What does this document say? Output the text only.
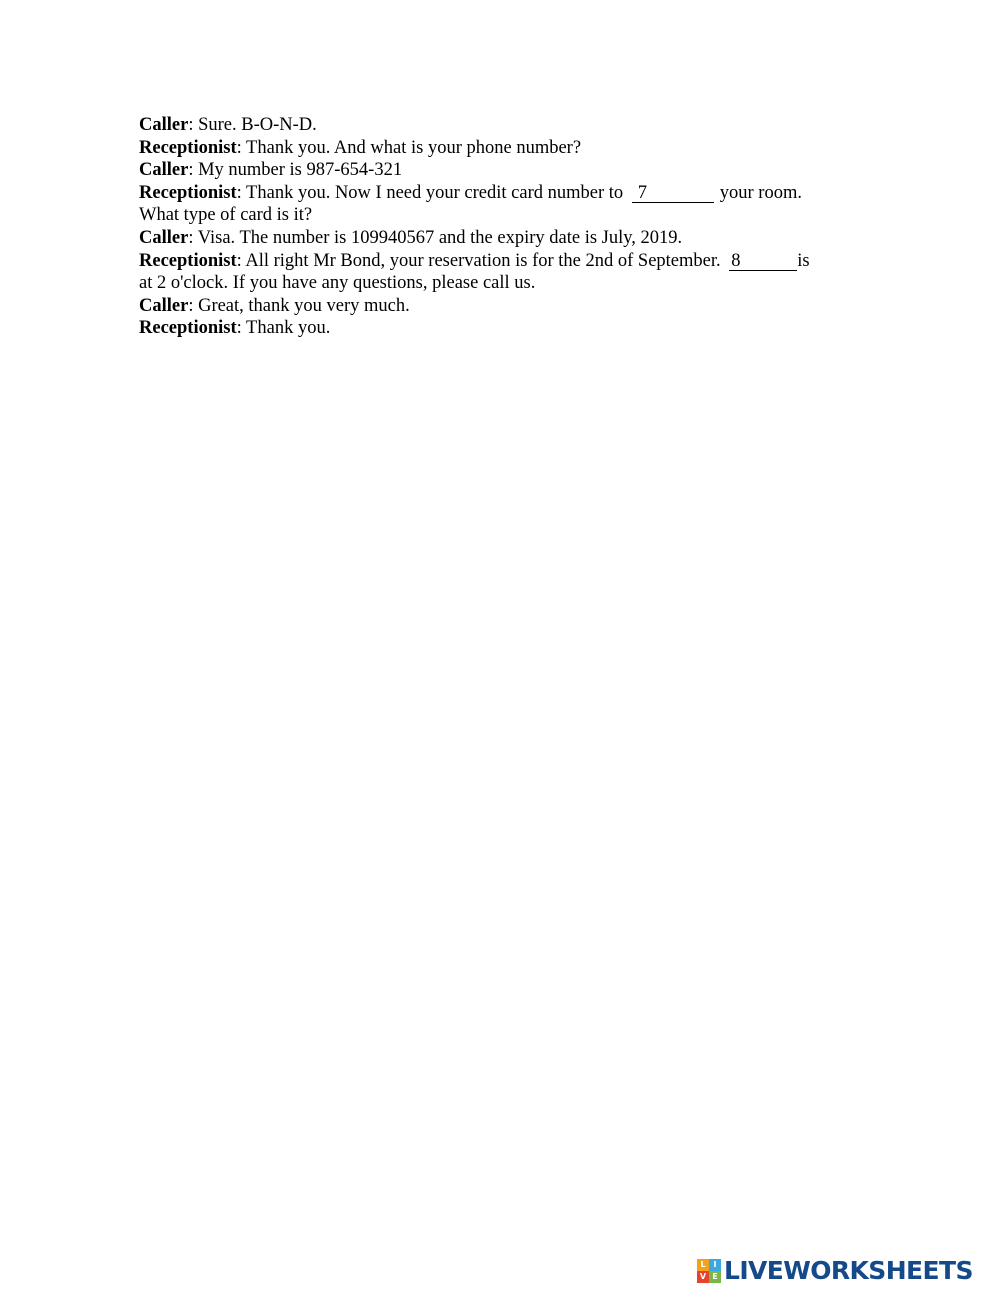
Caller: Sure. B-O-N-D.

Receptionist: Thank you. And what is your phone number?

Caller: My number is 987-654-321

Receptionist: Thank you. Now I need your credit card number to 7	your room.

What type of card is it?

Caller: Visa. The number is 109940567 and the expiry date is July, 2019.

Receptionist: All right Mr Bond, your reservation is for the 2nd of September. 8	is

at 2 o'clock. If you have any questions, please call us.

Caller: Great, thank you very much.

Receptionist: Thank you.

L I
V E LIVEWORKSHEETS
